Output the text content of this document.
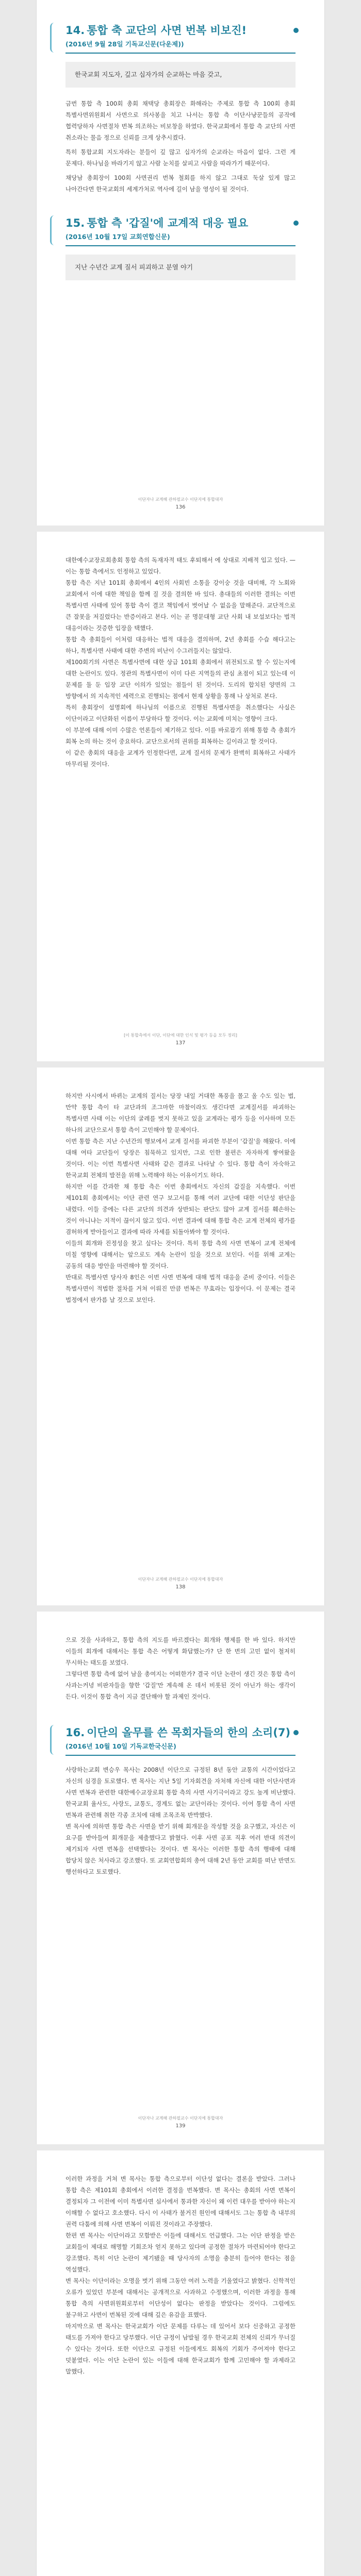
14. 통합 축 교단의 사면 번복 비보진!
(2016년 9월 28일 기독교신문(다운제))

한국교회 지도자, 깊고 십자가의 순교하는 마음 갖고,

금번 통합 측 100회 총회 채택당 총회장은 화해라는 주제로 통합 측 100회 총회 특별사면위원회서 사면으로 의사봉을 치고 나서는 통합 측 이단사냥꾼들의 공작에 협력당하자 사면절차 번복 의조하는 비보창을 하였다. 한국교회에서 통합 측 교단의 사면 취소라는 물음 정으로 신뢰를 크게 상추시켰다.

특히 통합교회 지도자라는 분들이 깊 많고 십자가의 순교라는 마음이 없다. 그런 게 문제다. 하나님을 바라기지 않고 사람 눈치를 살피고 사람을 따라가기 때문이다.

채당남 총회장이 100회 사면권리 번복 철회를 하지 않고 그대로 둑살 있게 많고 나아간다면 한국교회의 세계가처로 역사에 길이 남을 영성이 될 것이다.

15. 통합 측 '갑질'에 교계적 대응 필요
(2016년 10월 17일 교회연합신문)

지난 수년간 교계 질서 피괴하고 분열 야기

이단자나 교계해 관하필교수 이단지에 통합대자
136

대한예수교장로회총회 통합 측의 독재자적 태도 후퇴해서 에 상대로 지배적 입고 있다. — 이는 통합 측에서도 인정하고 있었다.

통합 측은 지난 101회 총회에서 4인의 사회빈 소통을 강이숭 것을 대비해, 각 노회와 교회에서 이에 대한 책임을 함께 질 것을 결의한 바 있다. 총대들의 이러한 결의는 이번 특별사면 사태에 있어 통합 측이 결코 책임에서 벗어날 수 없음을 말해준다. 교단적으로 큰 잘못을 저질렀다는 반증이라고 본다. 이는 곧 명문대형 교단 사회 내 보설보다는 법적 대응이라는 것증한 입장을 택했다.

통합 측 총회들이 이처럼 대응하는 법적 대응을 결의하며, 2년 총회를 수습 해다고는 하나, 특별사면 사태에 대한 주변의 비난이 수그러들지는 않았다.

제100회기의 사면은 특별사면에 대한 상급 101회 총회에서 위전되도로 할 수 있는지에 대한 논란이도 있다. 정관의 특별사면이 이미 다른 지역들의 관심 초점이 되고 있는데 이 문제를 둘 둔 입장 교단 이의가 있었는 점들이 된 것이다. 도리의 합치된 양면의 그 방향에서 의 지속적인 세력으로 진행되는 점에서 현재 상황을 통해 나 상처로 본다.

특히 총회장이 설명회에 하나님의 이름으로 진행된 특별사면을 취소했다는 사실은 이단이라고 이단화된 이름이 부당하다 할 것이다. 이는 교회에 미치는 영향이 크다.

이 부분에 대해 이미 수많은 언론들이 제기하고 있다. 이를 바로잡기 위해 통합 측 총회가 회복 논의 하는 것이 중요하다. 교단으로서의 권위를 회복하는 길이라고 할 것이다.

이 같은 총회의 대응을 교계가 인정한다면, 교계 질서의 문제가 완벽히 회복하고 사태가 마무리될 것이다.

[이 통합측에서 이단, 이단에 대한 인식 및 평가 등을 모두 정리]
137

하지만 사시에서 바뀌는 교계의 질서는 당장 내일 거대한 폭풍을 몰고 올 수도 있는 법, 만약 통합 측이 타 교단과의 조그마한 마찰이라도 생긴다면 교계질서를 파괴하는 특별사면 사태 이는 이단의 굴레를 벗지 못하고 있을 교계라는 평가 등을 이사하며 모든 하나의 교단으로서 통합 측이 고민해야 할 문제이다.

이번 통합 측은 지난 수년간의 행보에서 교계 질서를 파괴한 부분이 '갑질'을 해왔다. 이에 대해 여타 교단들이 당장은 침묵하고 있지만, 그로 인한 불편은 자자하게 쌓여왔을 것이다. 이는 이번 특별사면 사태와 같은 결과로 나타날 수 있다. 통합 측이 자숙하고 한국교회 전체의 발전을 위해 노력해야 하는 이유이기도 하다.

하지만 이를 간과한 채 통합 측은 이번 총회에서도 자신의 갑질을 지속했다. 이번 제101회 총회에서는 이단 관련 연구 보고서를 통해 여러 교단에 대한 이단성 판단을 내렸다. 이들 중에는 다른 교단의 의견과 상반되는 판단도 많아 교계 질서를 훼손하는 것이 아니냐는 지적이 끊이지 않고 있다. 이번 결과에 대해 통합 측은 교계 전체의 평가를 겸허하게 받아들이고 결과에 따라 자세를 되돌아봐야 할 것이다.

이들의 회개와 진정성을 찾고 싶다는 것이다. 특히 통합 측의 사면 번복이 교계 전체에 미칠 영향에 대해서는 앞으로도 계속 논란이 있을 것으로 보인다. 이를 위해 교계는 공동의 대응 방안을 마련해야 할 것이다.

반대로 특별사면 당사자 8인은 이번 사면 번복에 대해 법적 대응을 준비 중이다. 이들은 특별사면이 적법한 절차를 거쳐 이뤄진 만큼 번복은 무효라는 입장이다. 이 문제는 결국 법정에서 판가름 날 것으로 보인다.

이단자나 교계해 관하필교수 이단지에 통합대자
138

으로 것을 사과하고, 통합 측의 지도를 바르겠다는 회개와 행제를 한 바 있다. 하지만 이들의 회개에 대해서는 통합 측은 어떻게 화답했는가? 단 한 번의 고민 없이 철저히 무시하는 태도를 보였다.

그렇다면 통합 측에 없어 남을 총여지는 어떠한가? 결국 이단 논란이 생긴 것은 통합 측이 사과는커녕 비판자들을 향한 '갑질'만 계속해 온 데서 비롯된 것이 아닌가 하는 생각이 든다. 이것이 통합 측이 지금 결단해야 할 과제인 것이다.

16. 이단의 올무를 쓴 목회자들의 한의 소리(7)
(2016년 10월 10일 기독교한국신문)

사랑하는교회 변승우 목사는 2008년 이단으로 규정된 8년 동안 교통의 시간이었다고 자신의 심경을 토로했다. 변 목사는 지난 5일 기자회견을 자처해 자신에 대한 이단사면과 사면 번복과 관련한 대한예수교장로회 통합 측의 사면 사기극이라고 강도 높게 비난했다. 한국교회 율사도, 사랑도, 교통도, 경계도 없는 교단이라는 것이다. 이어 통합 측이 사면 번복과 관련해 취한 각종 조치에 대해 조목조목 반박했다.

변 목사에 의하면 통합 측은 사면을 받기 위해 회개문을 작성할 것을 요구했고, 자신은 이 요구를 받아들여 회개문을 제출했다고 밝혔다. 이후 사면 공포 직후 여러 반대 의견이 제기되자 사면 번복을 선택했다는 것이다. 변 목사는 이러한 통합 측의 행태에 대해 합당치 않은 처사라고 강조했다. 또 교회연합회의 총여 대해 2년 동안 교회를 떠난 반면도 행선하다고 토로했다.

이단자나 교계해 관하필교수 이단지에 통합대자
139

이러한 과정을 거쳐 변 목사는 통합 측으로부터 이단성 없다는 결론을 받았다. 그러나 통합 측은 제101회 총회에서 이러한 결정을 번복했다. 변 목사는 총회의 사면 번복이 결정되자 그 이전에 이미 특별사면 심사에서 통과한 자신이 왜 이런 대우를 받아야 하는지 이해할 수 없다고 호소했다. 다시 이 사태가 불거진 원인에 대해서도 그는 통합 측 내부의 권력 다툼에 의해 사면 번복이 이뤄진 것이라고 주장했다.

한편 변 목사는 이단이라고 모함받은 이들에 대해서도 언급했다. 그는 이단 판정을 받은 교회들이 제대로 해명할 기회조차 얻지 못하고 있다며 공정한 절차가 마련되어야 한다고 강조했다. 특히 이단 논란이 제기됐을 때 당사자의 소명을 충분히 들어야 한다는 점을 역설했다.

변 목사는 이단이라는 오명을 벗기 위해 그동안 여러 노력을 기울였다고 밝혔다. 신학적인 오류가 있었던 부분에 대해서는 공개적으로 사과하고 수정했으며, 이러한 과정을 통해 통합 측의 사면위원회로부터 이단성이 없다는 판정을 받았다는 것이다. 그럼에도 불구하고 사면이 번복된 것에 대해 깊은 유감을 표했다.

마지막으로 변 목사는 한국교회가 이단 문제를 다루는 데 있어서 보다 신중하고 공정한 태도를 가져야 한다고 당부했다. 이단 규정이 남발될 경우 한국교회 전체의 신뢰가 무너질 수 있다는 것이다. 또한 이단으로 규정된 이들에게도 회복의 기회가 주어져야 한다고 덧붙였다. 이는 이단 논란이 있는 이들에 대해 한국교회가 함께 고민해야 할 과제라고 말했다.
